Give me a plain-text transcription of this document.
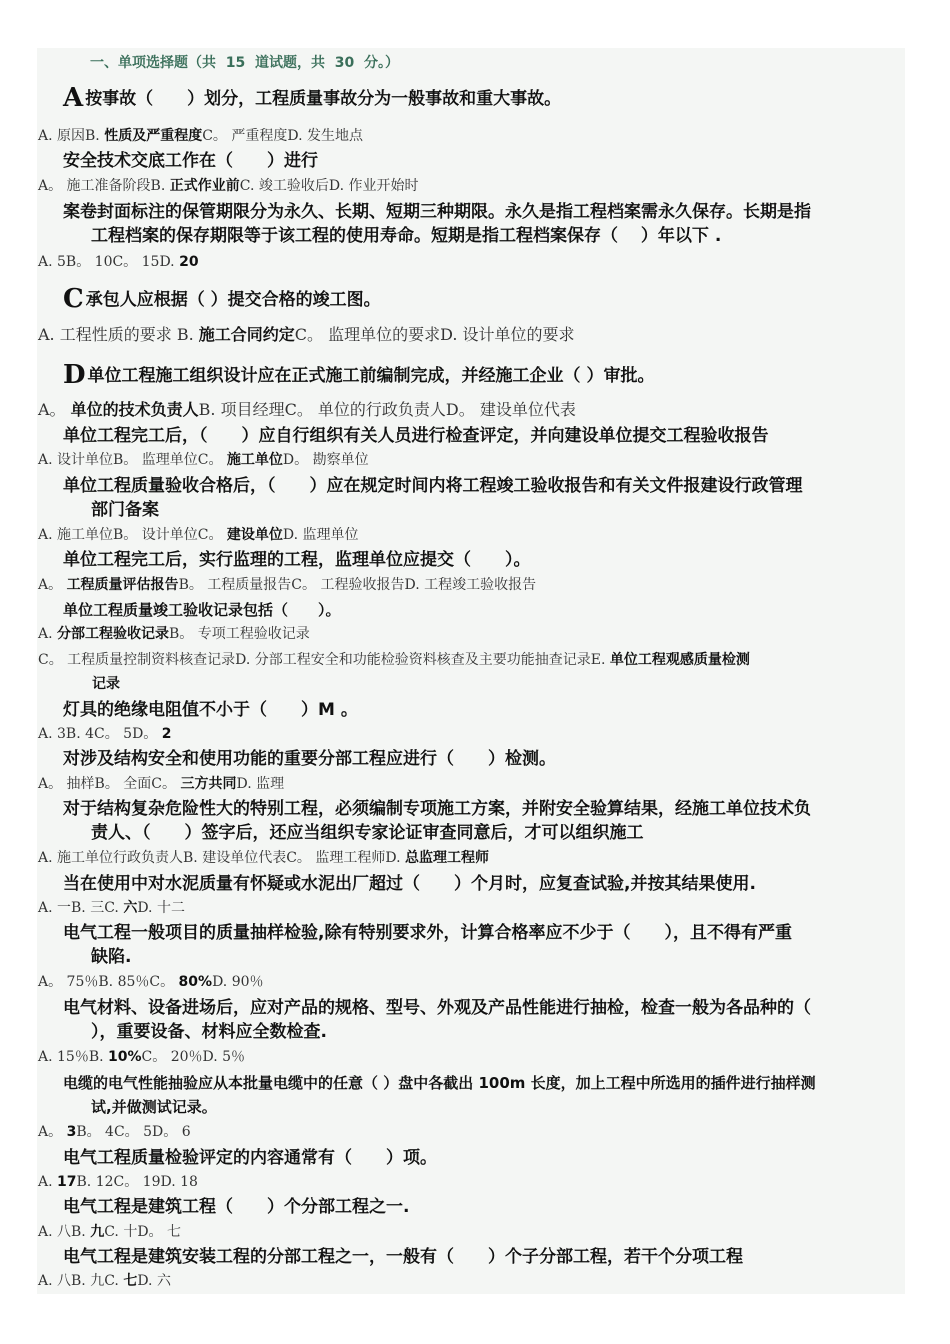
一、单项选择题（共  15  道试题，共  30  分。）
A按事故（　　）划分，工程质量事故分为一般事故和重大事故。
A. 原因B. 性质及严重程度C。 严重程度D. 发生地点
安全技术交底工作在（　　）进行
A。 施工准备阶段B. 正式作业前C. 竣工验收后D. 作业开始时
案卷封面标注的保管期限分为永久、长期、短期三种期限。永久是指工程档案需永久保存。长期是指
工程档案的保存期限等于该工程的使用寿命。短期是指工程档案保存（　 ）年以下 .
A. 5B。 10C。 15D. 20
C承包人应根据（ ）提交合格的竣工图。
A. 工程性质的要求 B. 施工合同约定C。 监理单位的要求D. 设计单位的要求
D单位工程施工组织设计应在正式施工前编制完成，并经施工企业（ ）审批。
A。 单位的技术负责人B. 项目经理C。 单位的行政负责人D。 建设单位代表
单位工程完工后，（　　）应自行组织有关人员进行检查评定，并向建设单位提交工程验收报告
A. 设计单位B。 监理单位C。 施工单位D。 勘察单位
单位工程质量验收合格后，（　　）应在规定时间内将工程竣工验收报告和有关文件报建设行政管理
部门备案
A. 施工单位B。 设计单位C。 建设单位D. 监理单位
单位工程完工后，实行监理的工程，监理单位应提交（　　）。
A。 工程质量评估报告B。 工程质量报告C。 工程验收报告D. 工程竣工验收报告
单位工程质量竣工验收记录包括（　　）。
A. 分部工程验收记录B。 专项工程验收记录
C。 工程质量控制资料核查记录D. 分部工程安全和功能检验资料核查及主要功能抽查记录E. 单位工程观感质量检测
记录
灯具的绝缘电阻值不小于（　　）M 。
A. 3B. 4C。 5D。 2
对涉及结构安全和使用功能的重要分部工程应进行（　　）检测。
A。 抽样B。 全面C。 三方共同D. 监理
对于结构复杂危险性大的特别工程，必须编制专项施工方案，并附安全验算结果，经施工单位技术负
责人、（　　）签字后，还应当组织专家论证审查同意后，才可以组织施工
A. 施工单位行政负责人B. 建设单位代表C。 监理工程师D. 总监理工程师
当在使用中对水泥质量有怀疑或水泥出厂超过（　　）个月时，应复查试验,并按其结果使用.
A. 一B. 三C. 六D. 十二
电气工程一般项目的质量抽样检验,除有特别要求外，计算合格率应不少于（　　），且不得有严重
缺陷.
A。 75％B. 85％C。 80%D. 90％
电气材料、设备进场后，应对产品的规格、型号、外观及产品性能进行抽检，检查一般为各品种的（
），重要设备、材料应全数检查.
A. 15％B. 10%C。 20％D. 5％
电缆的电气性能抽验应从本批量电缆中的任意（ ）盘中各截出 100m 长度，加上工程中所选用的插件进行抽样测
试,并做测试记录。
A。 3B。 4C。 5D。 6
电气工程质量检验评定的内容通常有（　　）项。
A. 17B. 12C。 19D. 18
电气工程是建筑工程（　　）个分部工程之一.
A. 八B. 九C. 十D。 七
电气工程是建筑安装工程的分部工程之一，一般有（　　）个子分部工程，若干个分项工程
A. 八B. 九C. 七D. 六
